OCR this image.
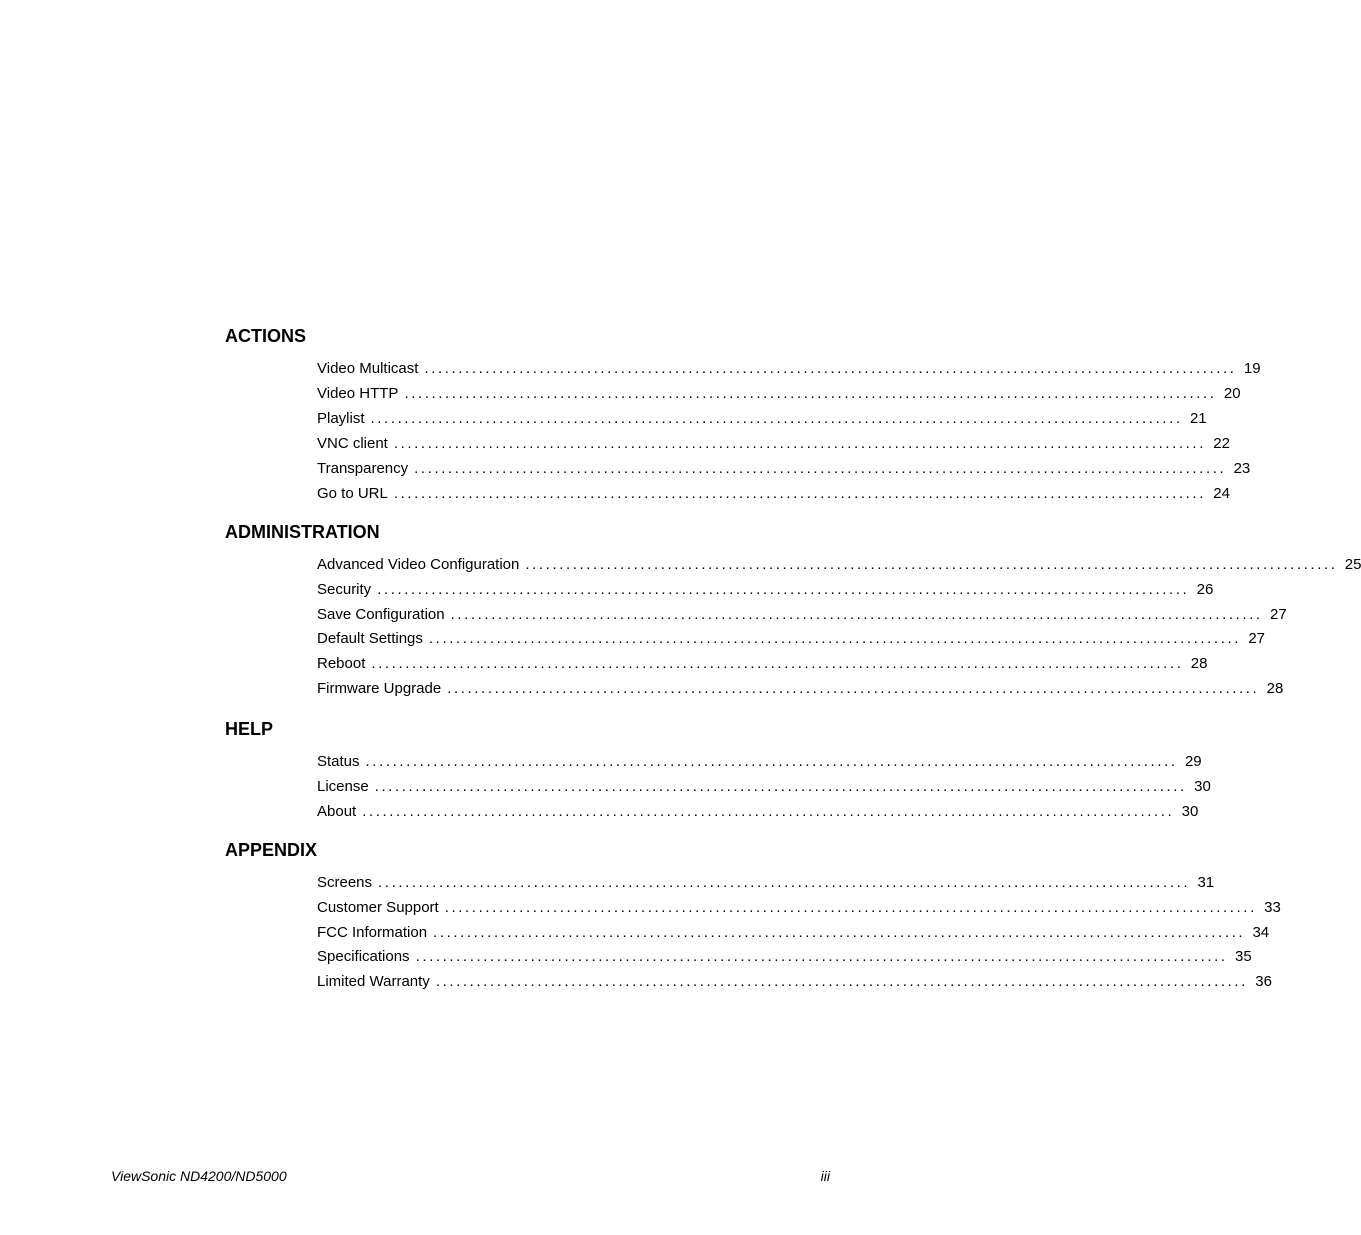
ACTIONS
Video Multicast ........................................................................................................................ 19
Video HTTP ........................................................................................................................ 20
Playlist ........................................................................................................................ 21
VNC client ........................................................................................................................ 22
Transparency ........................................................................................................................ 23
Go to URL ........................................................................................................................ 24
ADMINISTRATION
Advanced Video Configuration ........................................................................................................................ 25
Security ........................................................................................................................ 26
Save Configuration ........................................................................................................................ 27
Default Settings ........................................................................................................................ 27
Reboot ........................................................................................................................ 28
Firmware Upgrade ........................................................................................................................ 28
HELP
Status ........................................................................................................................ 29
License ........................................................................................................................ 30
About ........................................................................................................................ 30
APPENDIX
Screens ........................................................................................................................ 31
Customer Support ........................................................................................................................ 33
FCC Information ........................................................................................................................ 34
Specifications ........................................................................................................................ 35
Limited Warranty ........................................................................................................................ 36
ViewSonic ND4200/ND5000	iii
